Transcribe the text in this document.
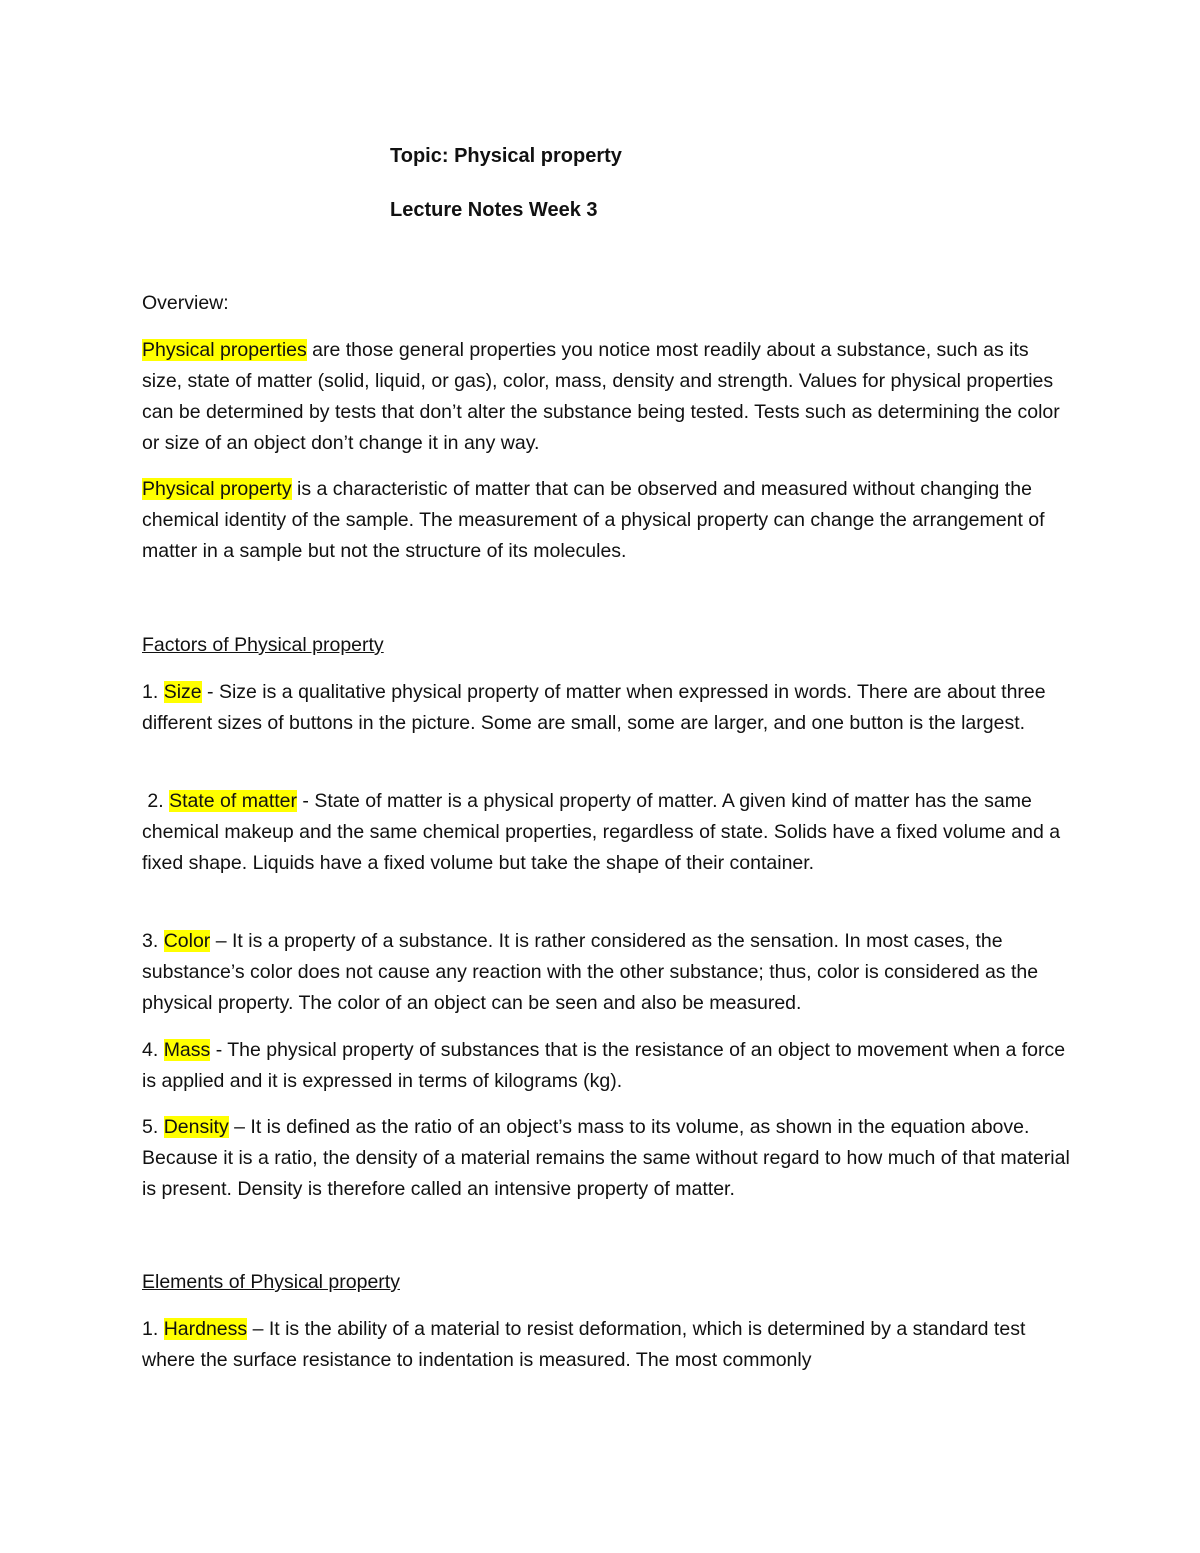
Topic: Physical property

Lecture Notes Week 3

Overview:

Physical properties are those general properties you notice most readily about a substance, such as its size, state of matter (solid, liquid, or gas), color, mass, density and strength. Values for physical properties can be determined by tests that don’t alter the substance being tested. Tests such as determining the color or size of an object don’t change it in any way.

Physical property is a characteristic of matter that can be observed and measured without changing the chemical identity of the sample. The measurement of a physical property can change the arrangement of matter in a sample but not the structure of its molecules.

Factors of Physical property

1. Size - Size is a qualitative physical property of matter when expressed in words. There are about three different sizes of buttons in the picture. Some are small, some are larger, and one button is the largest.

2. State of matter - State of matter is a physical property of matter. A given kind of matter has the same chemical makeup and the same chemical properties, regardless of state. Solids have a fixed volume and a fixed shape. Liquids have a fixed volume but take the shape of their container.

3. Color – It is a property of a substance. It is rather considered as the sensation. In most cases, the substance’s color does not cause any reaction with the other substance; thus, color is considered as the physical property. The color of an object can be seen and also be measured.

4. Mass - The physical property of substances that is the resistance of an object to movement when a force is applied and it is expressed in terms of kilograms (kg).

5. Density – It is defined as the ratio of an object’s mass to its volume, as shown in the equation above. Because it is a ratio, the density of a material remains the same without regard to how much of that material is present. Density is therefore called an intensive property of matter.

Elements of Physical property

1. Hardness – It is the ability of a material to resist deformation, which is determined by a standard test where the surface resistance to indentation is measured. The most commonly
